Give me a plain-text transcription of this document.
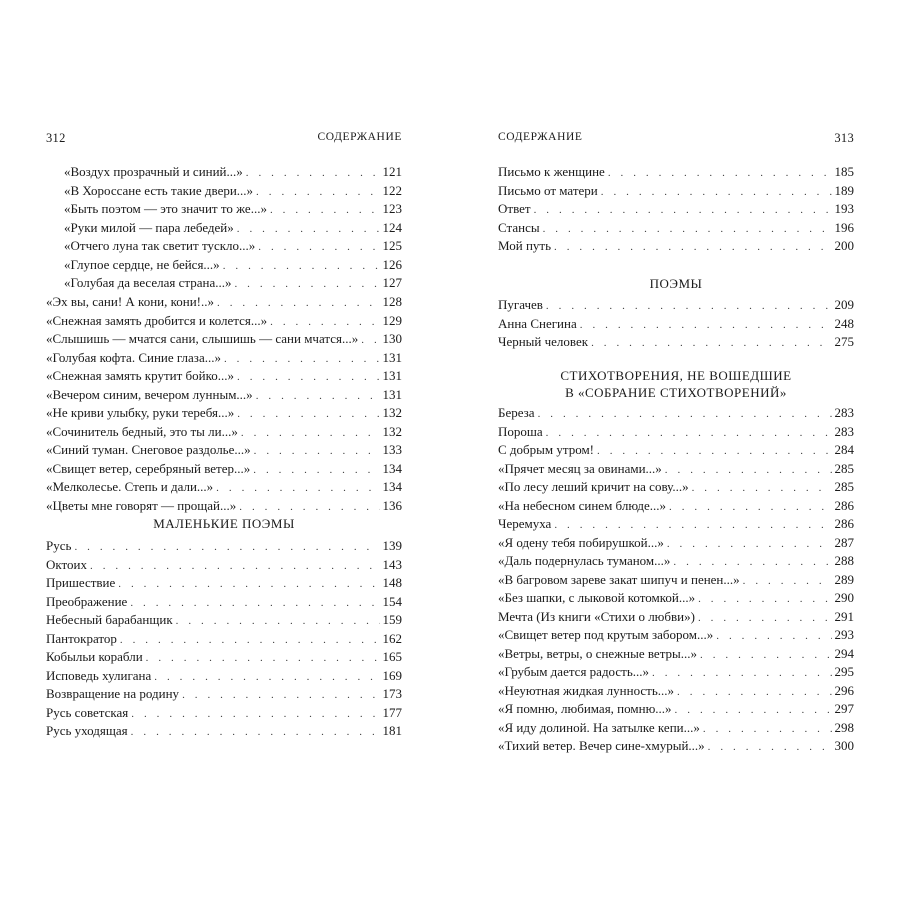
312	СОДЕРЖАНИЕ
«Воздух прозрачный и синий...» . . .	121
«В Хороссане есть такие двери...» . . .	122
«Быть поэтом — это значит то же...» . . .	123
«Руки милой — пара лебедей» . . .	124
«Отчего луна так светит тускло...» . . .	125
«Глупое сердце, не бейся...» . . .	126
«Голубая да веселая страна...» . . .	127
«Эх вы, сани! А кони, кони!..» . . .	128
«Снежная замять дробится и колется...» . . .	129
«Слышишь — мчатся сани, слышишь — сани мчатся...» . . . 130
«Голубая кофта. Синие глаза...» . . .	131
«Снежная замять крутит бойко...» . . .	131
«Вечером синим, вечером лунным...» . . .	131
«Не криви улыбку, руки теребя...» . . .	132
«Сочинитель бедный, это ты ли...» . . .	132
«Синий туман. Снеговое раздолье...» . . .	133
«Свищет ветер, серебряный ветер...» . . .	134
«Мелколесье. Степь и дали...» . . .	134
«Цветы мне говорят — прощай...» . . .	136
МАЛЕНЬКИЕ ПОЭМЫ
Русь . . .	139
Октоих . . .	143
Пришествие . . .	148
Преображение . . .	154
Небесный барабанщик . . .	159
Пантократор . . .	162
Кобыльи корабли . . .	165
Исповедь хулигана . . .	169
Возвращение на родину . . .	173
Русь советская . . .	177
Русь уходящая . . .	181
СОДЕРЖАНИЕ	313
Письмо к женщине . . .	185
Письмо от матери . . .	189
Ответ . . .	193
Стансы . . .	196
Мой путь . . .	200
ПОЭМЫ
Пугачев . . .	209
Анна Снегина . . .	248
Черный человек . . .	275
СТИХОТВОРЕНИЯ, НЕ ВОШЕДШИЕ
В «СОБРАНИЕ СТИХОТВОРЕНИЙ»
Береза . . .	283
Пороша . . .	283
С добрым утром! . . .	284
«Прячет месяц за овинами...» . . .	285
«По лесу леший кричит на сову...» . . .	285
«На небесном синем блюде...» . . .	286
Черемуха . . .	286
«Я одену тебя побирушкой...» . . .	287
«Даль подернулась туманом...» . . .	288
«В багровом зареве закат шипуч и пенен...» . . .	289
«Без шапки, с лыковой котомкой...» . . .	290
Мечта (Из книги «Стихи о любви») . . .	291
«Свищет ветер под крутым забором...» . . .	293
«Ветры, ветры, о снежные ветры...» . . .	294
«Грубым дается радость...» . . .	295
«Неуютная жидкая лунность...» . . .	296
«Я помню, любимая, помню...» . . .	297
«Я иду долиной. На затылке кепи...» . . .	298
«Тихий ветер. Вечер сине-хмурый...» . . .	300
